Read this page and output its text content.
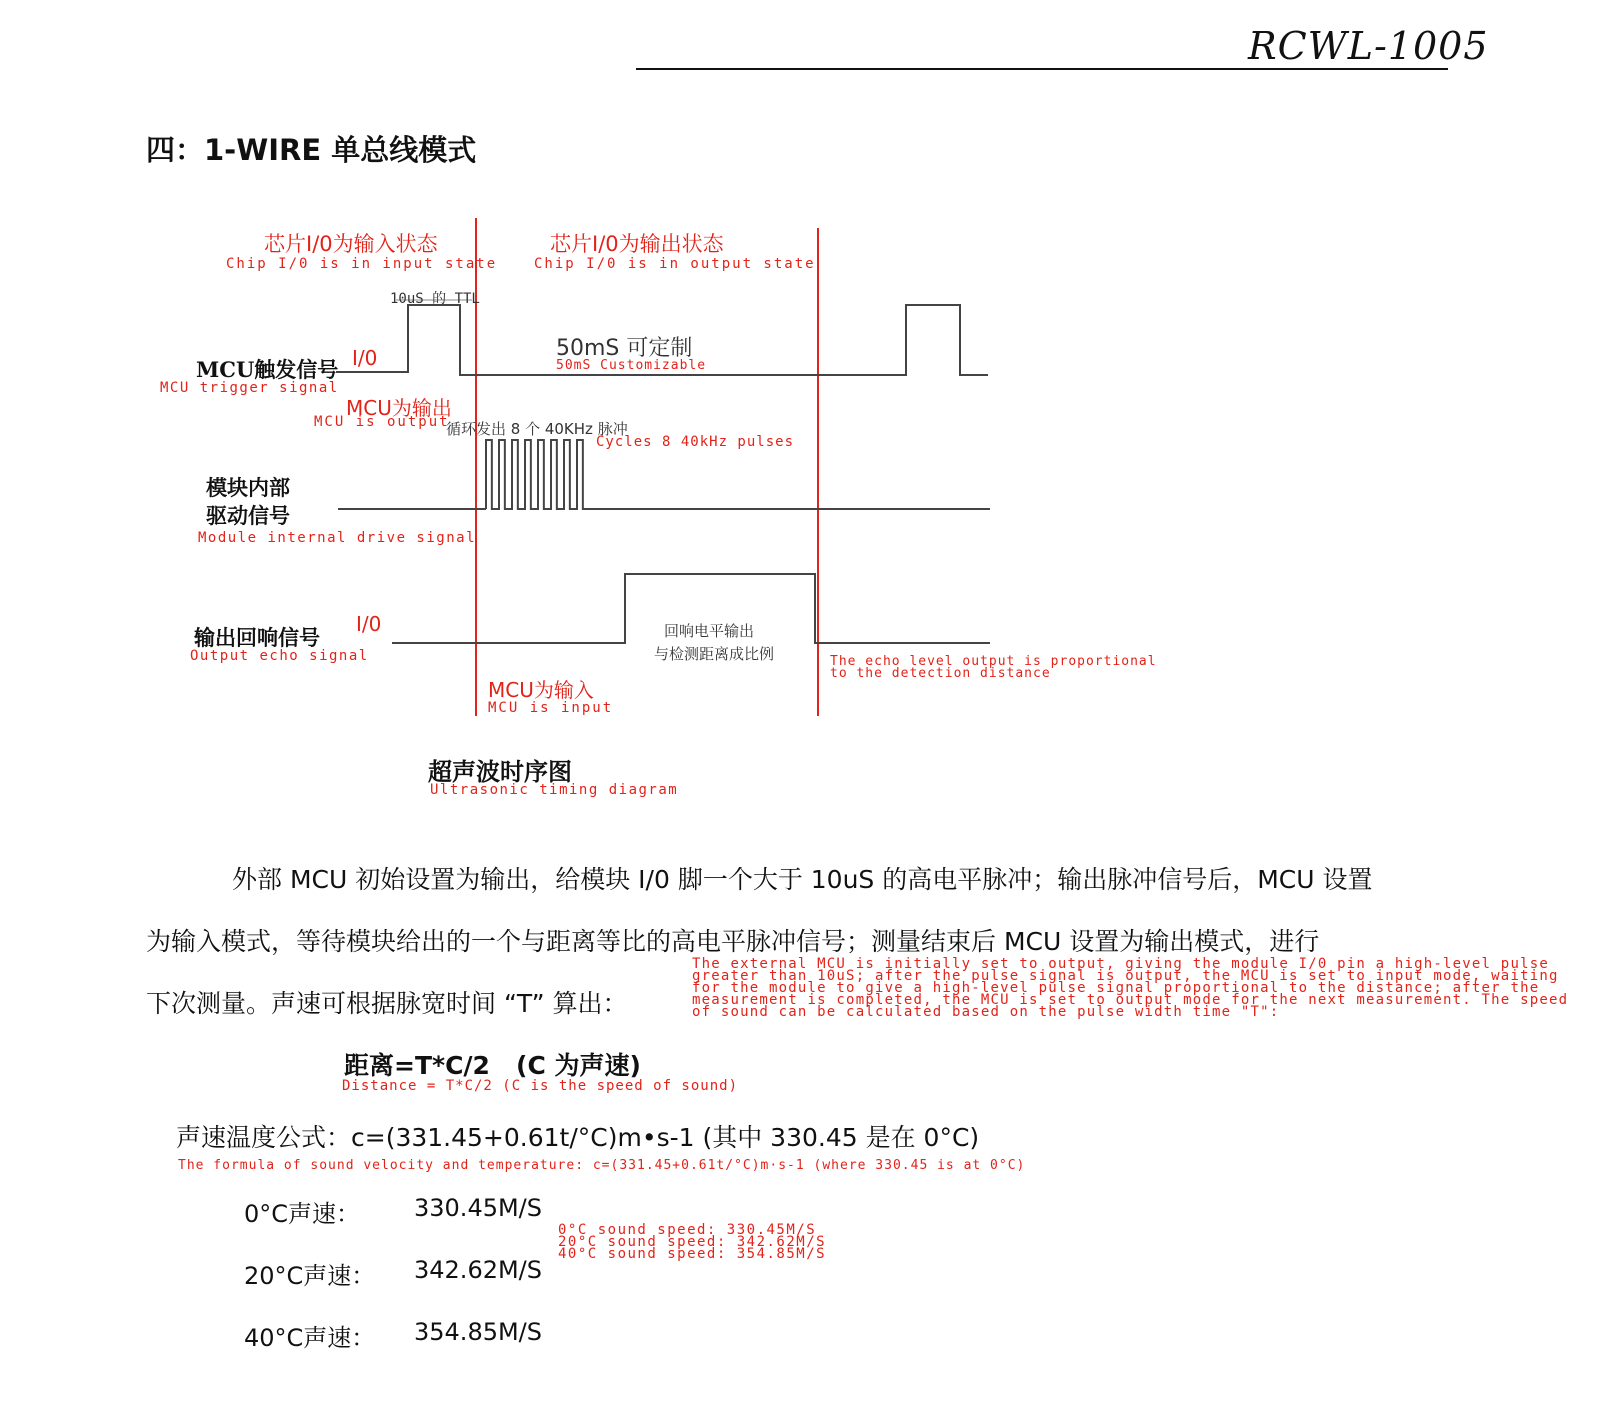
RCWL-1005
四：1-WIRE 单总线模式
芯片I/0为输入状态
Chip I/0 is in input state
芯片I/0为输出状态
Chip I/0 is in output state
10uS 的 TTL
50mS 可定制
50mS Customizable
MCU触发信号
MCU trigger signal
I/0
MCU为输出
MCU is output
循环发出 8 个 40KHz 脉冲
Cycles 8 40kHz pulses
模块内部
驱动信号
Module internal drive signal
输出回响信号
Output echo signal
I/0	回响电平输出
与检测距离成比例	The echo level output is proportional
to the detection distance
MCU为输入
MCU is input
超声波时序图
Ultrasonic timing diagram
外部 MCU 初始设置为输出，给模块 I/0 脚一个大于 10uS 的高电平脉冲；输出脉冲信号后，MCU 设置
为输入模式，等待模块给出的一个与距离等比的高电平脉冲信号；测量结束后 MCU 设置为输出模式，进行
下次测量。声速可根据脉宽时间 “T” 算出：
The external MCU is initially set to output, giving the module I/0 pin a high-level pulse
greater than 10uS; after the pulse signal is output, the MCU is set to input mode, waiting
for the module to give a high-level pulse signal proportional to the distance; after the
measurement is completed, the MCU is set to output mode for the next measurement. The speed
of sound can be calculated based on the pulse width time "T":
距离=T*C/2   (C 为声速)
Distance = T*C/2 (C is the speed of sound)
声速温度公式：c=(331.45+0.61t/°C)m•s-1 (其中 330.45 是在 0°C)
The formula of sound velocity and temperature: c=(331.45+0.61t/°C)m·s-1 (where 330.45 is at 0°C)
0°C声速： 330.45M/S
20°C声速： 342.62M/S
40°C声速： 354.85M/S
0°C sound speed: 330.45M/S
20°C sound speed: 342.62M/S
40°C sound speed: 354.85M/S
